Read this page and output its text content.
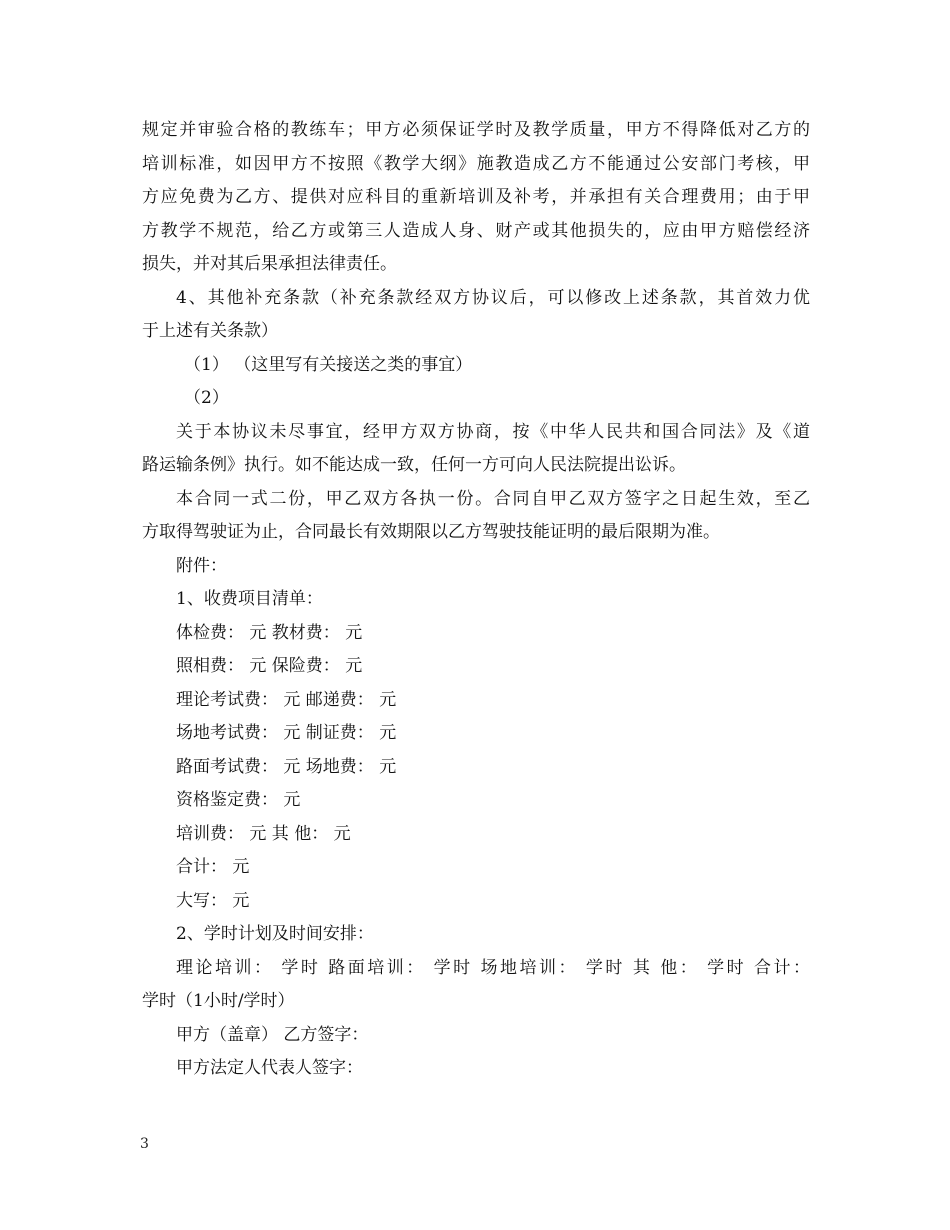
规定并审验合格的教练车；甲方必须保证学时及教学质量，甲方不得降低对乙方的
培训标准，如因甲方不按照《教学大纲》施教造成乙方不能通过公安部门考核，甲
方应免费为乙方、提供对应科目的重新培训及补考，并承担有关合理费用；由于甲
方教学不规范，给乙方或第三人造成人身、财产或其他损失的，应由甲方赔偿经济
损失，并对其后果承担法律责任。
4、其他补充条款（补充条款经双方协议后，可以修改上述条款，其首效力优
于上述有关条款）
（1） （这里写有关接送之类的事宜）
（2）
关于本协议未尽事宜，经甲方双方协商，按《中华人民共和国合同法》及《道
路运输条例》执行。如不能达成一致，任何一方可向人民法院提出讼诉。
本合同一式二份，甲乙双方各执一份。合同自甲乙双方签字之日起生效，至乙
方取得驾驶证为止，合同最长有效期限以乙方驾驶技能证明的最后限期为准。
附件：
1、收费项目清单：
体检费： 元 教材费： 元
照相费： 元 保险费： 元
理论考试费： 元 邮递费： 元
场地考试费： 元 制证费： 元
路面考试费： 元 场地费： 元
资格鉴定费： 元
培训费： 元 其 他： 元
合计： 元
大写： 元
2、学时计划及时间安排：
理论培训： 学时 路面培训： 学时 场地培训： 学时 其 他： 学时 合计：
学时（1小时/学时）
甲方（盖章） 乙方签字：
甲方法定人代表人签字：
3
